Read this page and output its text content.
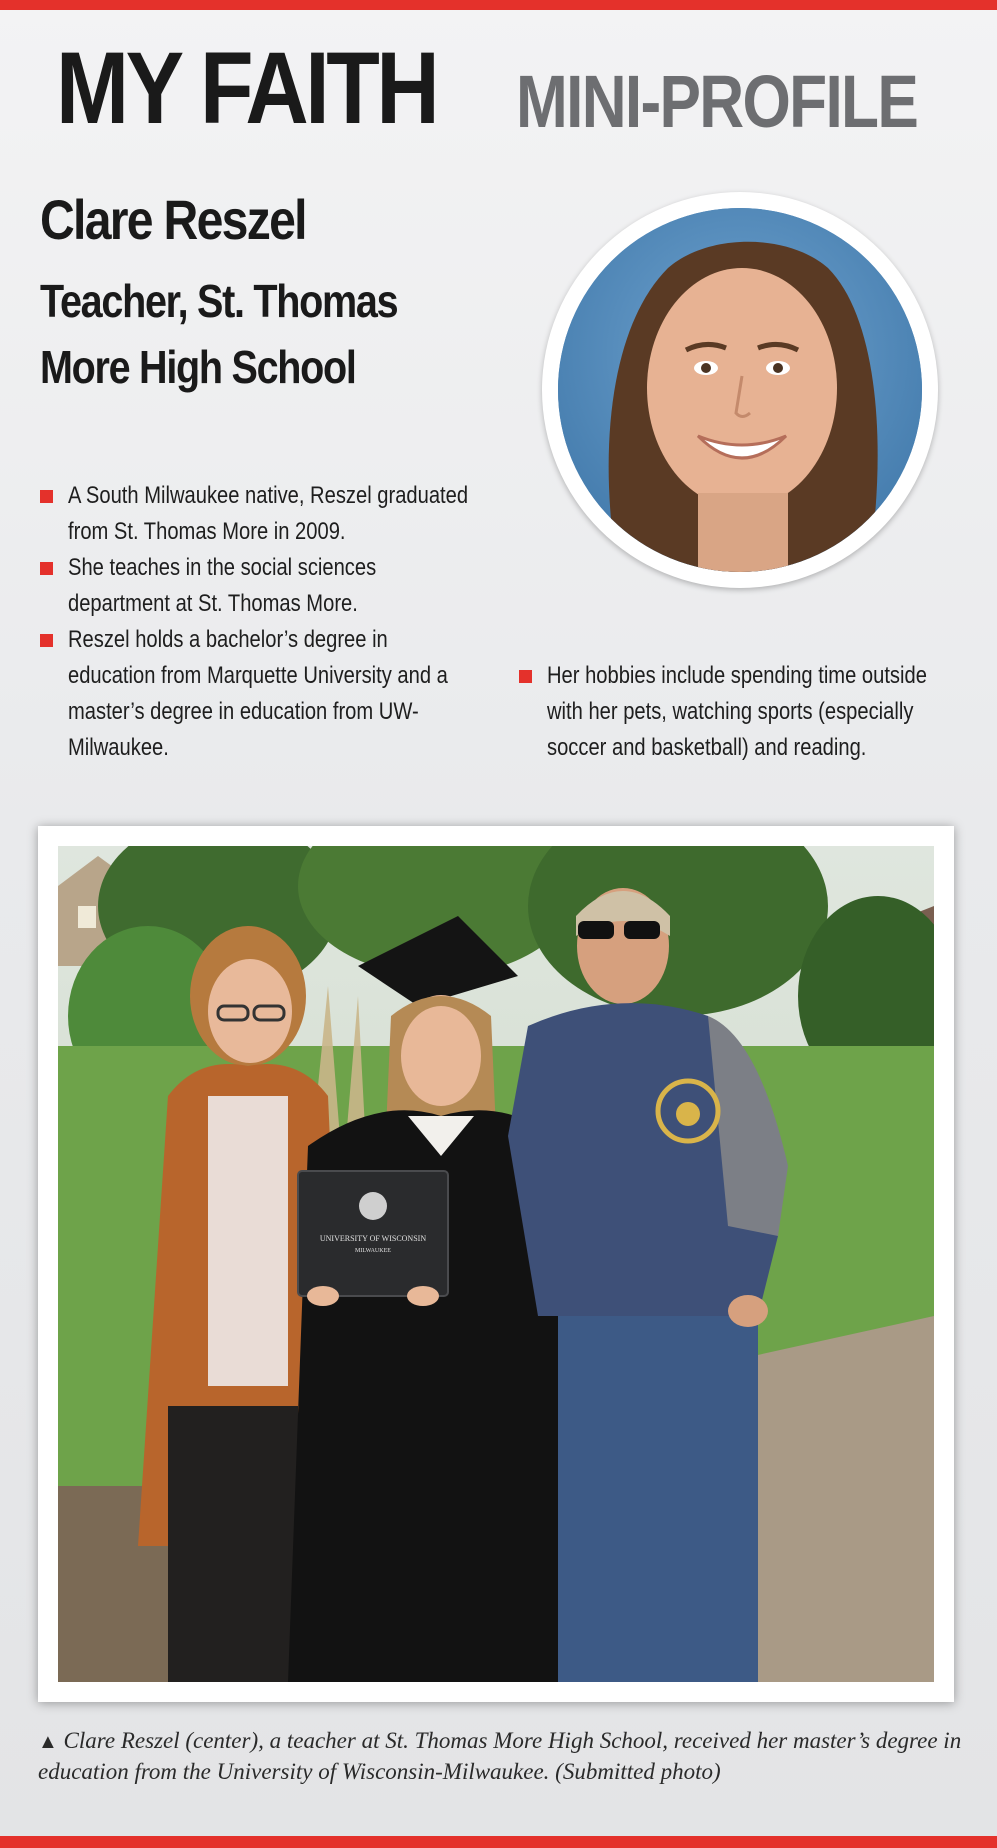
MY FAITH MINI-PROFILE
Clare Reszel
Teacher, St. Thomas
More High School
A South Milwaukee native, Reszel graduated from St. Thomas More in 2009.
She teaches in the social sciences department at St. Thomas More.
Reszel holds a bachelor’s degree in education from Marquette University and a master’s degree in education from UW-Milwaukee.
Her hobbies include spending time outside with her pets, watching sports (especially soccer and basketball) and reading.
UNIVERSITY OF WISCONSIN
MILWAUKEE
▲ Clare Reszel (center), a teacher at St. Thomas More High School, received her master’s degree in education from the University of Wisconsin-Milwaukee. (Submitted photo)
